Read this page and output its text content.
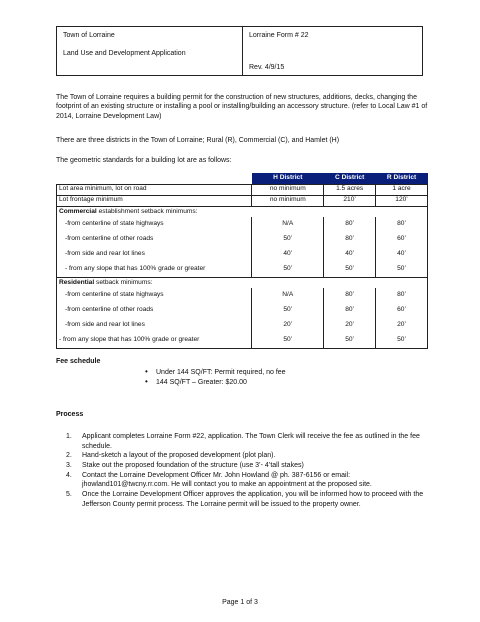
Town of Lorraine
Land Use and Development Application

Lorraine Form # 22
Rev. 4/9/15
The Town of Lorraine requires a building permit for the construction of new structures, additions, decks, changing the footprint of an existing structure or installing a pool or installing/building an accessory structure. (refer to Local Law #1 of 2014, Lorraine Development Law)
There are three districts in the Town of Lorraine; Rural (R), Commercial (C), and Hamlet (H)
The geometric standards for a building lot are as follows:
	H District	C District	R District
Lot area minimum, lot on road	no minimum	1.5 acres	1 acre
Lot frontage minimum	no minimum	210’	120’
Commercial establishment setback minimums:			
-from centerline of state highways	N/A	80’	80’
-from centerline of other roads	50’	80’	60’
-from side and rear lot lines	40’	40’	40’
- from any slope that has 100% grade or greater	50’	50’	50’
Residential setback minimums:			
-from centerline of state highways	N/A	80’	80’
-from centerline of other roads	50’	80’	60’
-from side and rear lot lines	20’	20’	20’
- from any slope that has 100% grade or greater	50’	50’	50’
Fee schedule
• Under 144 SQ/FT: Permit required, no fee
• 144 SQ/FT – Greater: $20.00
Process
1. Applicant completes Lorraine Form #22, application. The Town Clerk will receive the fee as outlined in the fee schedule.
2. Hand-sketch a layout of the proposed development (plot plan).
3. Stake out the proposed foundation of the structure (use 3’- 4’tall stakes)
4. Contact the Lorraine Development Officer Mr. John Howland @ ph. 387-6156 or email: jhowland101@twcny.rr.com. He will contact you to make an appointment at the proposed site.
5. Once the Lorraine Development Officer approves the application, you will be informed how to proceed with the Jefferson County permit process. The Lorraine permit will be issued to the property owner.
Page 1 of 3
